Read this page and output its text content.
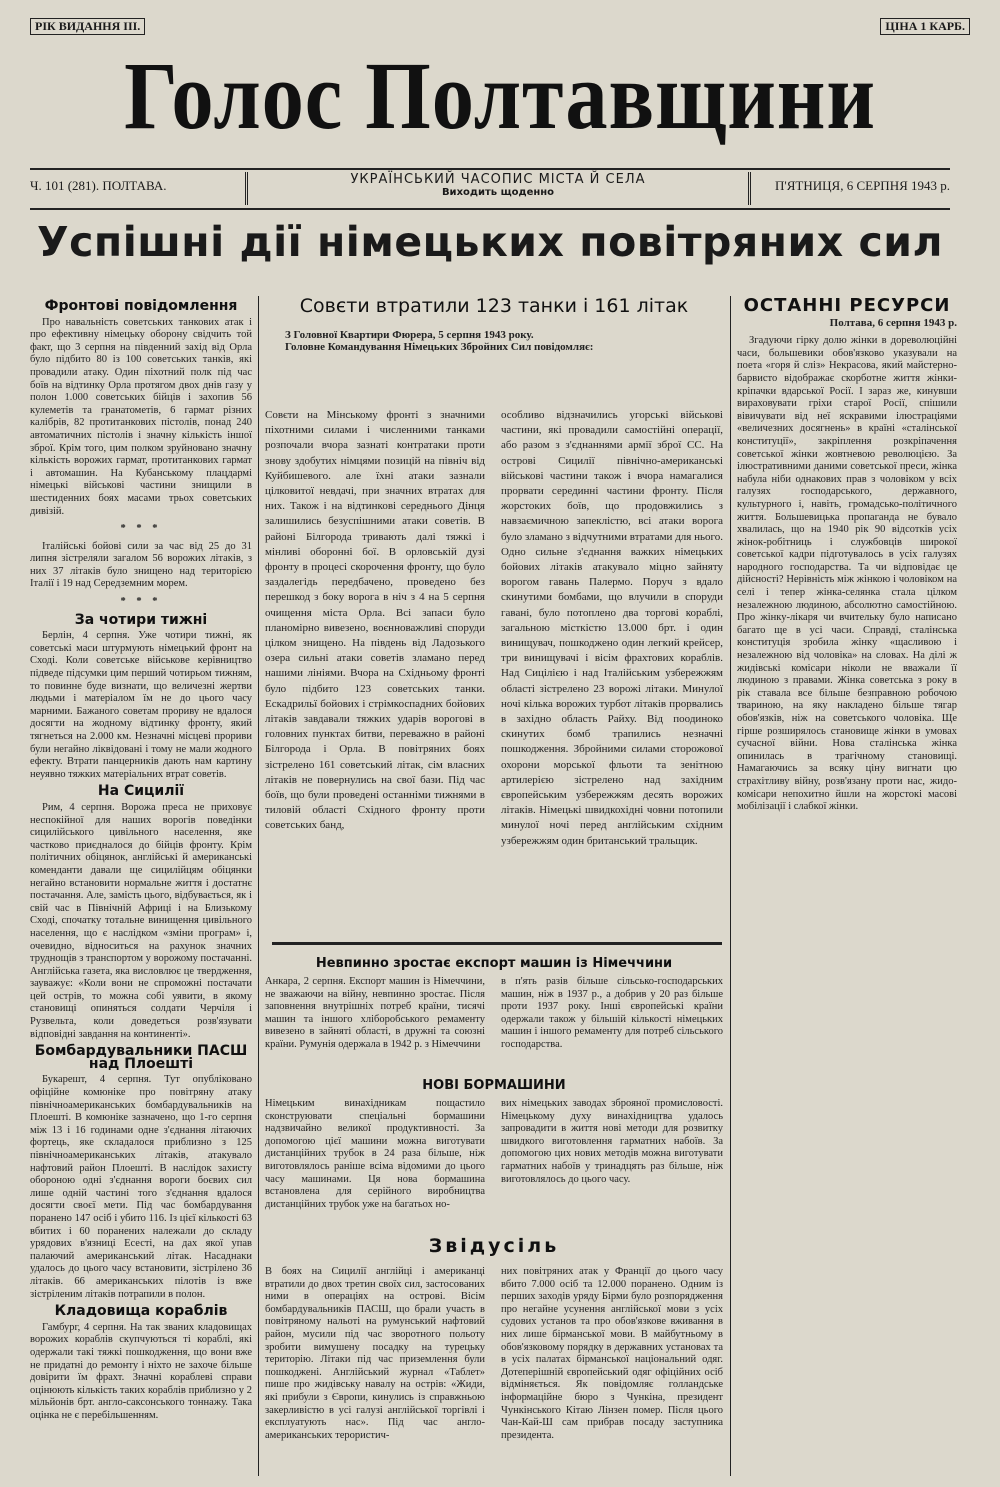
РІК ВИДАННЯ III.	ЦІНА 1 КАРБ.
Голос Полтавщини
Ч. 101 (281). ПОЛТАВА.	УКРАЇНСЬКИЙ ЧАСОПИС МІСТА Й СЕЛА
Виходить щоденно	П'ЯТНИЦЯ, 6 СЕРПНЯ 1943 р.
Успішні дії німецьких повітряних сил
Фронтові повідомлення

Про навальність советських танкових атак і про ефективну німецьку оборону свідчить той факт, що 3 серпня на південний захід від Орла було підбито 80 із 100 советських танків, які провадили атаку. Один піхотний полк під час боїв на відтинку Орла протягом двох днів газу у полон 1.000 советських бійців і захопив 56 кулеметів та гранатометів, 6 гармат різних калібрів, 82 протитанкових пістолів, понад 240 автоматичних пістолів і значну кількість іншої зброї. Крім того, цим полком зруйновано значну кількість ворожих гармат, протитанкових гармат і автомашин. На Кубанському плацдармі німецькі військові частини знищили в шестиденних боях масами трьох советських дивізій.

* * *

Італійські бойові сили за час від 25 до 31 липня зістреляли загалом 56 ворожих літаків, з них 37 літаків було знищено над територією Італії і 19 над Середземним морем.

* * *
За чотири тижні

Берлін, 4 серпня. Уже чотири тижні, як советські маси штурмують німецький фронт на Сході. Коли советське військове керівництво підведе підсумки цим перший чотирьом тижням, то повинне буде визнати, що величезні жертви людьми і матеріалом їм не до цього часу марними. Бажаного советам прориву не вдалося досягти на жодному відтинку фронту, який тягнеться на 2.000 км. Незначні місцеві прориви були негайно ліквідовані і тому не мали жодного ефекту. Втрати панцерників дають нам картину неуявно тяжких матеріальних втрат советів.

На Сицилії

Рим, 4 серпня. Ворожа преса не приховує неспокійної для наших ворогів поведінки сицилійського цивільного населення, яке частково приєдналося до бійців фронту. Крім політичних обіцянок, англійські й американські коменданти давали ще сицилійцям обіцянки негайно встановити нормальне життя і достатнє постачання. Але, замість цього, відбувається, як і свій час в Північній Африці і на Близькому Сході, спочатку тотальне винищення цивільного населення, що є наслідком «зміни програм» і, очевидно, відноситься на рахунок значних труднощів з транспортом у ворожому постачанні. Англійська газета, яка висловлює це твердження, зауважує: «Коли вони не спроможні постачати цей острів, то можна собі уявити, в якому становищі опиняться солдати Черчіля і Рузвельта, коли доведеться розв'язувати відповідні завдання на континенті».

Бомбардувальники ПАСШ над Плоешті

Букарешт, 4 серпня. Тут опубліковано офіційне комюніке про повітряну атаку північноамериканських бомбардувальників на Плоешті. В комюніке зазначено, що 1-го серпня між 13 і 16 годинами одне з'єднання літаючих фортець, яке складалося приблизно з 125 північноамериканських літаків, атакувало нафтовий район Плоешті. В наслідок захисту обороною одні з'єднання вороги боєвих сил лише одній частині того з'єднання вдалося досягти своєї мети. Під час бомбардування поранено 147 осіб і убито 116. Із цієї кількості 63 вбитих і 60 поранених належали до складу урядових в'язниці Есесті, на дах якої упав палаючий американський літак. Насаднаки удалось до цього часу встановити, зістрілено 36 літаків. 66 американських пілотів із вже зістріленим літаків потрапили в полон.

Кладовища кораблів

Гамбург, 4 серпня. На так званих кладовищах ворожих кораблів скупчуються ті кораблі, які одержали такі тяжкі пошкодження, що вони вже не придатні до ремонту і ніхто не захоче більше довірити їм фрахт. Значні кораблеві справи оцінюють кількість таких кораблів приблизно у 2 мільйонів брт. англо-саксонського тоннажу. Така оцінка не є перебільшенням.

Совєти втратили 123 танки і 161 літак
З Головної Квартири Фюрера, 5 серпня 1943 року.
Головне Командування Німецьких Збройних Сил повідомляє:
Совєти на Мінському фронті з значними піхотними силами і численними танками розпочали вчора зазнаті контратаки проти знову здобутих німцями позицій на північ від Куйбишевого. але їхні атаки зазнали цілковитої невдачі, при значних втратах для них. Також і на відтинкові середнього Дінця залишились безуспішними атаки советів. В районі Білгорода тривають далі тяжкі і мінливі оборонні бої. В орловській дузі фронту в процесі скорочення фронту, що було заздалегідь передбачено, проведено без перешкод з боку ворога в ніч з 4 на 5 серпня очищення міста Орла. Всі запаси було планомірно вивезено, воєнноважливі споруди цілком знищено. На південь від Ладозького озера сильні атаки советів зламано перед нашими лініями. Вчора на Східньому фронті було підбито 123 советських танки. Ескадрильї бойових і стрімкоспадних бойових літаків завдавали тяжких ударів ворогові в головних пунктах битви, переважно в районі Білгорода і Орла. В повітряних боях зістрелено 161 советський літак, сім власних літаків не повернулись на свої бази. Під час боїв, що були проведені останніми тижнями в тиловій області Східного фронту проти советських банд,
особливо відзначились угорські військові частини, які провадили самостійні операції, або разом з з'єднаннями армії зброї СС. На острові Сицилії північно-американські військові частини також і вчора намагалися прорвати серединні частини фронту. Після жорстоких боїв, що продовжились з навзаємичною запеклістю, всі атаки ворога було зламано з відчутними втратами для нього. Одно сильне з'єднання важких німецьких бойових літаків атакувало міцно зайняту ворогом гавань Палермо. Поруч з вдало скинутими бомбами, що влучили в споруди гавані, було потоплено два торгові кораблі, загальною місткістю 13.000 брт. і один винищувач, пошкоджено один легкий крейсер, три винищувачі і вісім фрахтових кораблів. Над Сицілією і над Італійським узбережжям області зістрелено 23 ворожі літаки. Минулої ночі кілька ворожих турбот літаків прорвались в західно область Райху. Від поодиноко скинутих бомб трапились незначні пошкодження. Збройними силами сторожової охорони морської фльоти та зенітною артилерією зістрелено над західним європейським узбережжям десять ворожих літаків. Німецькі швидкохідні човни потопили минулої ночі перед англійським східним узбережжям один британський тральщик.
Невпинно зростає експорт машин із Німеччини
Анкара, 2 серпня. Експорт машин із Німеччини, не зважаючи на війну, невпинно зростає. Після заповнення внутрішніх потреб країни, тисячі машин та іншого хліборобського ремаменту вивезено в зайняті області, в дружні та союзні країни. Румунія одержала в 1942 р. з Німеччини
в п'ять разів більше сільсько-господарських машин, ніж в 1937 р., а добрив у 20 раз більше проти 1937 року. Інші європейські країни одержали також у більшій кількості німецьких машин і іншого ремаменту для потреб сільського господарства.
НОВІ БОРМАШИНИ
Німецьким винахідникам пощастило сконструювати спеціальні бормашини надзвичайно великої продуктивності. За допомогою цієї машини можна виготувати дистанційних трубок в 24 раза більше, ніж виготовлялось раніше всіма відомими до цього часу машинами. Ця нова бормашина встановлена для серійного виробництва дистанційних трубок уже на багатьох но-
вих німецьких заводах зброяної промисловості. Німецькому духу винахідництва удалось запровадити в життя нові методи для розвитку швидкого виготовлення гарматних набоїв. За допомогою цих нових методів можна виготувати гарматних набоїв у тринадцять раз більше, ніж виготовлялось до цього часу.
Звідусіль
В боях на Сицилії англійці і американці втратили до двох третин своїх сил, застосованих ними в операціях на острові. Вісім бомбардувальників ПАСШ, що брали участь в повітряному нальоті на румунський нафтовий район, мусили під час зворотного польоту зробити вимушену посадку на турецьку територію. Літаки під час приземлення були пошкоджені. Англійський журнал «Таблет» пише про жидівську навалу на острів: «Жиди, які прибули з Європи, кинулись із справжньою закерливістю в усі галузі англійської торгівлі і експлуатують нас». Під час англо-американських терористич-
них повітряних атак у Франції до цього часу вбито 7.000 осіб та 12.000 поранено. Одним із перших заходів уряду Бірми було розпорядження про негайне усунення англійської мови з усіх судових установ та про обов'язкове вживання в них лише бірманської мови. В майбутньому в обов'язковому порядку в державних установах та в усіх палатах бірманської національний одяг. Дотеперішній європейський одяг офіційних осіб відміняється. Як повідомляє голландське інформаційне бюро з Чункіна, президент Чункінського Кітаю Лінзен помер. Після цього Чан-Кай-Ш сам прибрав посаду заступника президента.
ОСТАННІ РЕСУРСИ
Полтава, 6 серпня 1943 р.

Згадуючи гірку долю жінки в дореволюційні часи, большевики обов'язково указували на поета «горя й сліз» Некрасова, який майстерно-барвисто відображає скорботне життя жінки-кріпачки вдарської Росії. І зараз же, кинувши вираховувати гріхи старої Росії, спішили вівичувати від неї яскравими ілюстраціями «величезних досягнень» в країні «сталінської конституції», закріплення розкріпачення советської жінки жовтневою революцією. За ілюстративними даними советської преси, жінка набула ніби однакових прав з чоловіком у всіх галузях господарського, державного, культурного і, навіть, громадсько-політичного життя. Большевицька пропаганда не бувало хвалилась, що на 1940 рік 90 відсотків усіх жінок-робітниць і службовців широкої советської кадри підготувалось в усіх галузях народного господарства. Та чи відповідає це дійсності? Нерівність між жінкою і чоловіком на селі і тепер жінка-селянка стала цілком незалежною людиною, абсолютно самостійною. Про жінку-лікаря чи вчительку було написано багато ще в усі часи. Справді, сталінська конституція зробила жінку «щасливою і незалежною від чоловіка» на словах. На ділі ж жидівські комісари ніколи не вважали її людиною з правами. Жінка советська з року в рік ставала все більше безправною робочою твариною, на яку накладено більше тягар обов'язків, ніж на советського чоловіка. Ще гірше розширялось становище жінки в умовах сучасної війни. Нова сталінська жінка опинилась в трагічному становищі. Намагаючись за всяку ціну вигнати цю страхітливу війну, розв'язану проти нас, жидо-комісари непохитно йшли на жорстокі масові мобілізації і слабкої жінки.
